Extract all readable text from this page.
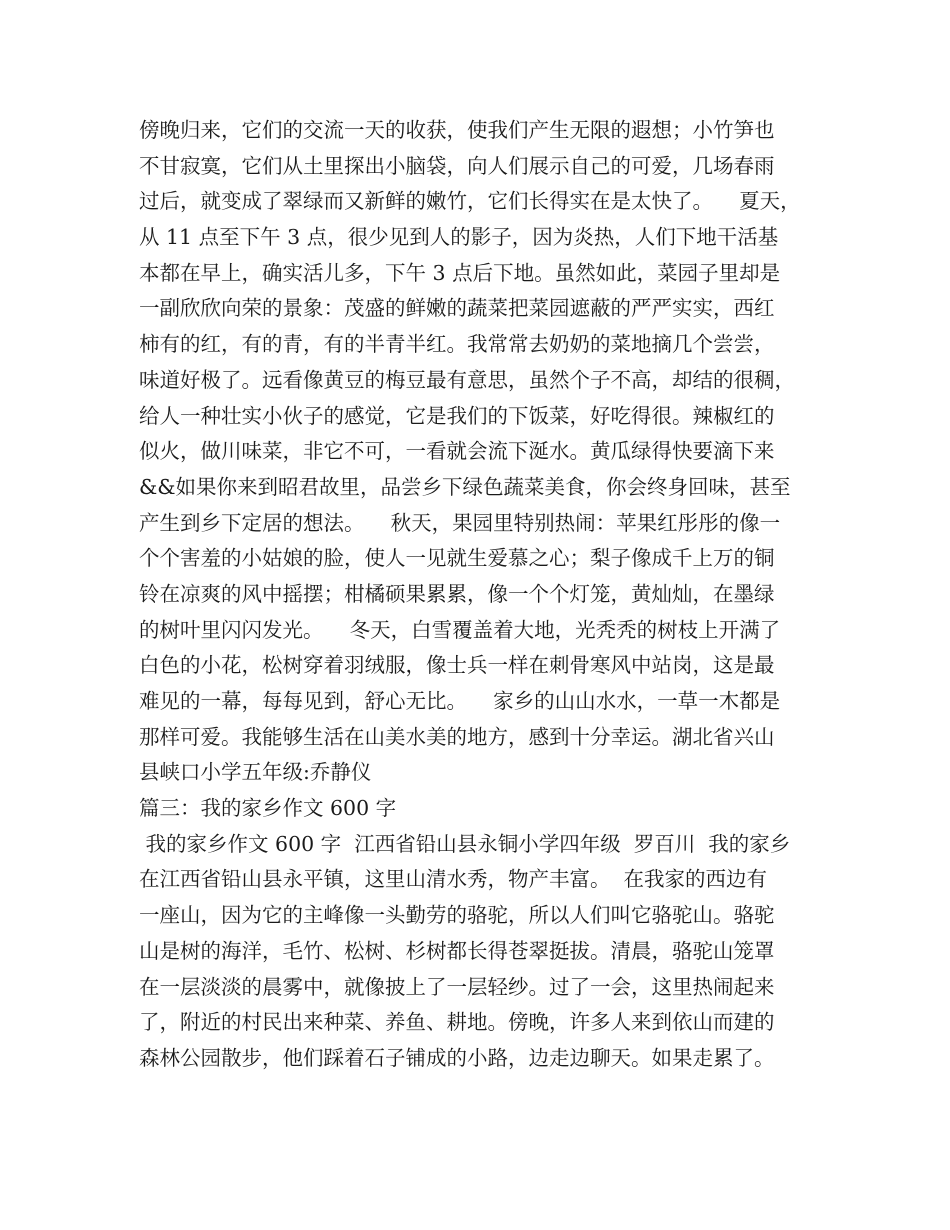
傍晚归来，它们的交流一天的收获，使我们产生无限的遐想；小竹笋也
不甘寂寞，它们从土里探出小脑袋，向人们展示自己的可爱，几场春雨
过后，就变成了翠绿而又新鲜的嫩竹，它们长得实在是太快了。    夏天，
从 11 点至下午 3 点，很少见到人的影子，因为炎热，人们下地干活基
本都在早上，确实活儿多，下午 3 点后下地。虽然如此，菜园子里却是
一副欣欣向荣的景象：茂盛的鲜嫩的蔬菜把菜园遮蔽的严严实实，西红
柿有的红，有的青，有的半青半红。我常常去奶奶的菜地摘几个尝尝，
味道好极了。远看像黄豆的梅豆最有意思，虽然个子不高，却结的很稠，
给人一种壮实小伙子的感觉，它是我们的下饭菜，好吃得很。辣椒红的
似火，做川味菜，非它不可，一看就会流下涎水。黄瓜绿得快要滴下来
&&如果你来到昭君故里，品尝乡下绿色蔬菜美食，你会终身回味，甚至
产生到乡下定居的想法。    秋天，果园里特别热闹：苹果红彤彤的像一
个个害羞的小姑娘的脸，使人一见就生爱慕之心；梨子像成千上万的铜
铃在凉爽的风中摇摆；柑橘硕果累累，像一个个灯笼，黄灿灿，在墨绿
的树叶里闪闪发光。    冬天，白雪覆盖着大地，光秃秃的树枝上开满了
白色的小花，松树穿着羽绒服，像士兵一样在刺骨寒风中站岗，这是最
难见的一幕，每每见到，舒心无比。    家乡的山山水水，一草一木都是
那样可爱。我能够生活在山美水美的地方，感到十分幸运。湖北省兴山
县峡口小学五年级:乔静仪
篇三：我的家乡作文 600 字
我的家乡作文 600 字  江西省铅山县永铜小学四年级  罗百川  我的家乡
在江西省铅山县永平镇，这里山清水秀，物产丰富。  在我家的西边有
一座山，因为它的主峰像一头勤劳的骆驼，所以人们叫它骆驼山。骆驼
山是树的海洋，毛竹、松树、杉树都长得苍翠挺拔。清晨，骆驼山笼罩
在一层淡淡的晨雾中，就像披上了一层轻纱。过了一会，这里热闹起来
了，附近的村民出来种菜、养鱼、耕地。傍晚，许多人来到依山而建的
森林公园散步，他们踩着石子铺成的小路，边走边聊天。如果走累了。
